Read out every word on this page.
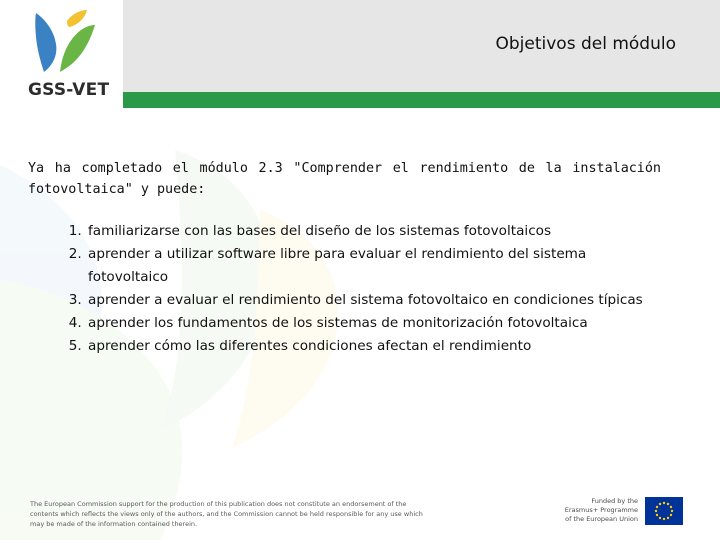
GSS-VET
Objetivos del módulo

Ya ha completado el módulo 2.3 "Comprender el rendimiento de la instalación fotovoltaica" y puede:

1. familiarizarse con las bases del diseño de los sistemas fotovoltaicos
2. aprender a utilizar software libre para evaluar el rendimiento del sistema fotovoltaico
3. aprender a evaluar el rendimiento del sistema fotovoltaico en condiciones típicas
4. aprender los fundamentos de los sistemas de monitorización fotovoltaica
5. aprender cómo las diferentes condiciones afectan el rendimiento
The European Commission support for the production of this publication does not constitute an endorsement of the
contents which reflects the views only of the authors, and the Commission cannot be held responsible for any use which
may be made of the information contained therein.
Funded by the
Erasmus+ Programme
of the European Union
